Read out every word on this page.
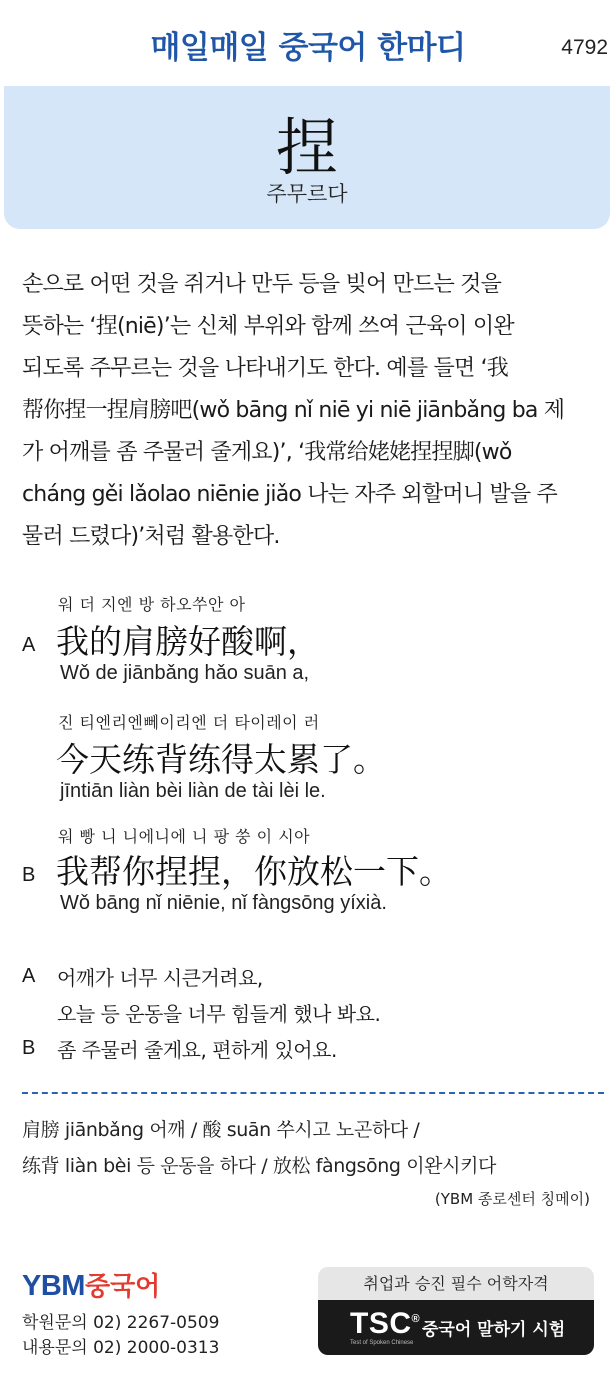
매일매일 중국어 한마디	4792
捏
주무르다
손으로 어떤 것을 쥐거나 만두 등을 빚어 만드는 것을
뜻하는 ‘捏(niē)’는 신체 부위와 함께 쓰여 근육이 이완
되도록 주무르는 것을 나타내기도 한다. 예를 들면 ‘我
帮你捏一捏肩膀吧(wǒ bāng nǐ niē yi niē jiānbǎng ba 제
가 어깨를 좀 주물러 줄게요)’, ‘我常给姥姥捏捏脚(wǒ
cháng gěi lǎolao niēnie jiǎo 나는 자주 외할머니 발을 주
물러 드렸다)’처럼 활용한다.
워 더 지엔 방 하오쑤안 아
A 我的肩膀好酸啊，
Wǒ de jiānbǎng hǎo suān a,
진 티엔리엔뻬이리엔 더 타이레이 러
今天练背练得太累了。
jīntiān liàn bèi liàn de tài lèi le.
워 빵 니 니에니에 니 팡 쑹 이 시아
B 我帮你捏捏，你放松一下。
Wǒ bāng nǐ niēnie, nǐ fàngsōng yíxià.
A 어깨가 너무 시큰거려요,
오늘 등 운동을 너무 힘들게 했나 봐요.
B 좀 주물러 줄게요, 편하게 있어요.
肩膀 jiānbǎng 어깨 / 酸 suān 쑤시고 노곤하다 /
练背 liàn bèi 등 운동을 하다 / 放松 fàngsōng 이완시키다
(YBM 종로센터 칭메이)
YBM중국어
학원문의 02) 2267-0509
내용문의 02) 2000-0313
취업과 승진 필수 어학자격
TSC®
Test of Spoken Chinese
중국어 말하기 시험
